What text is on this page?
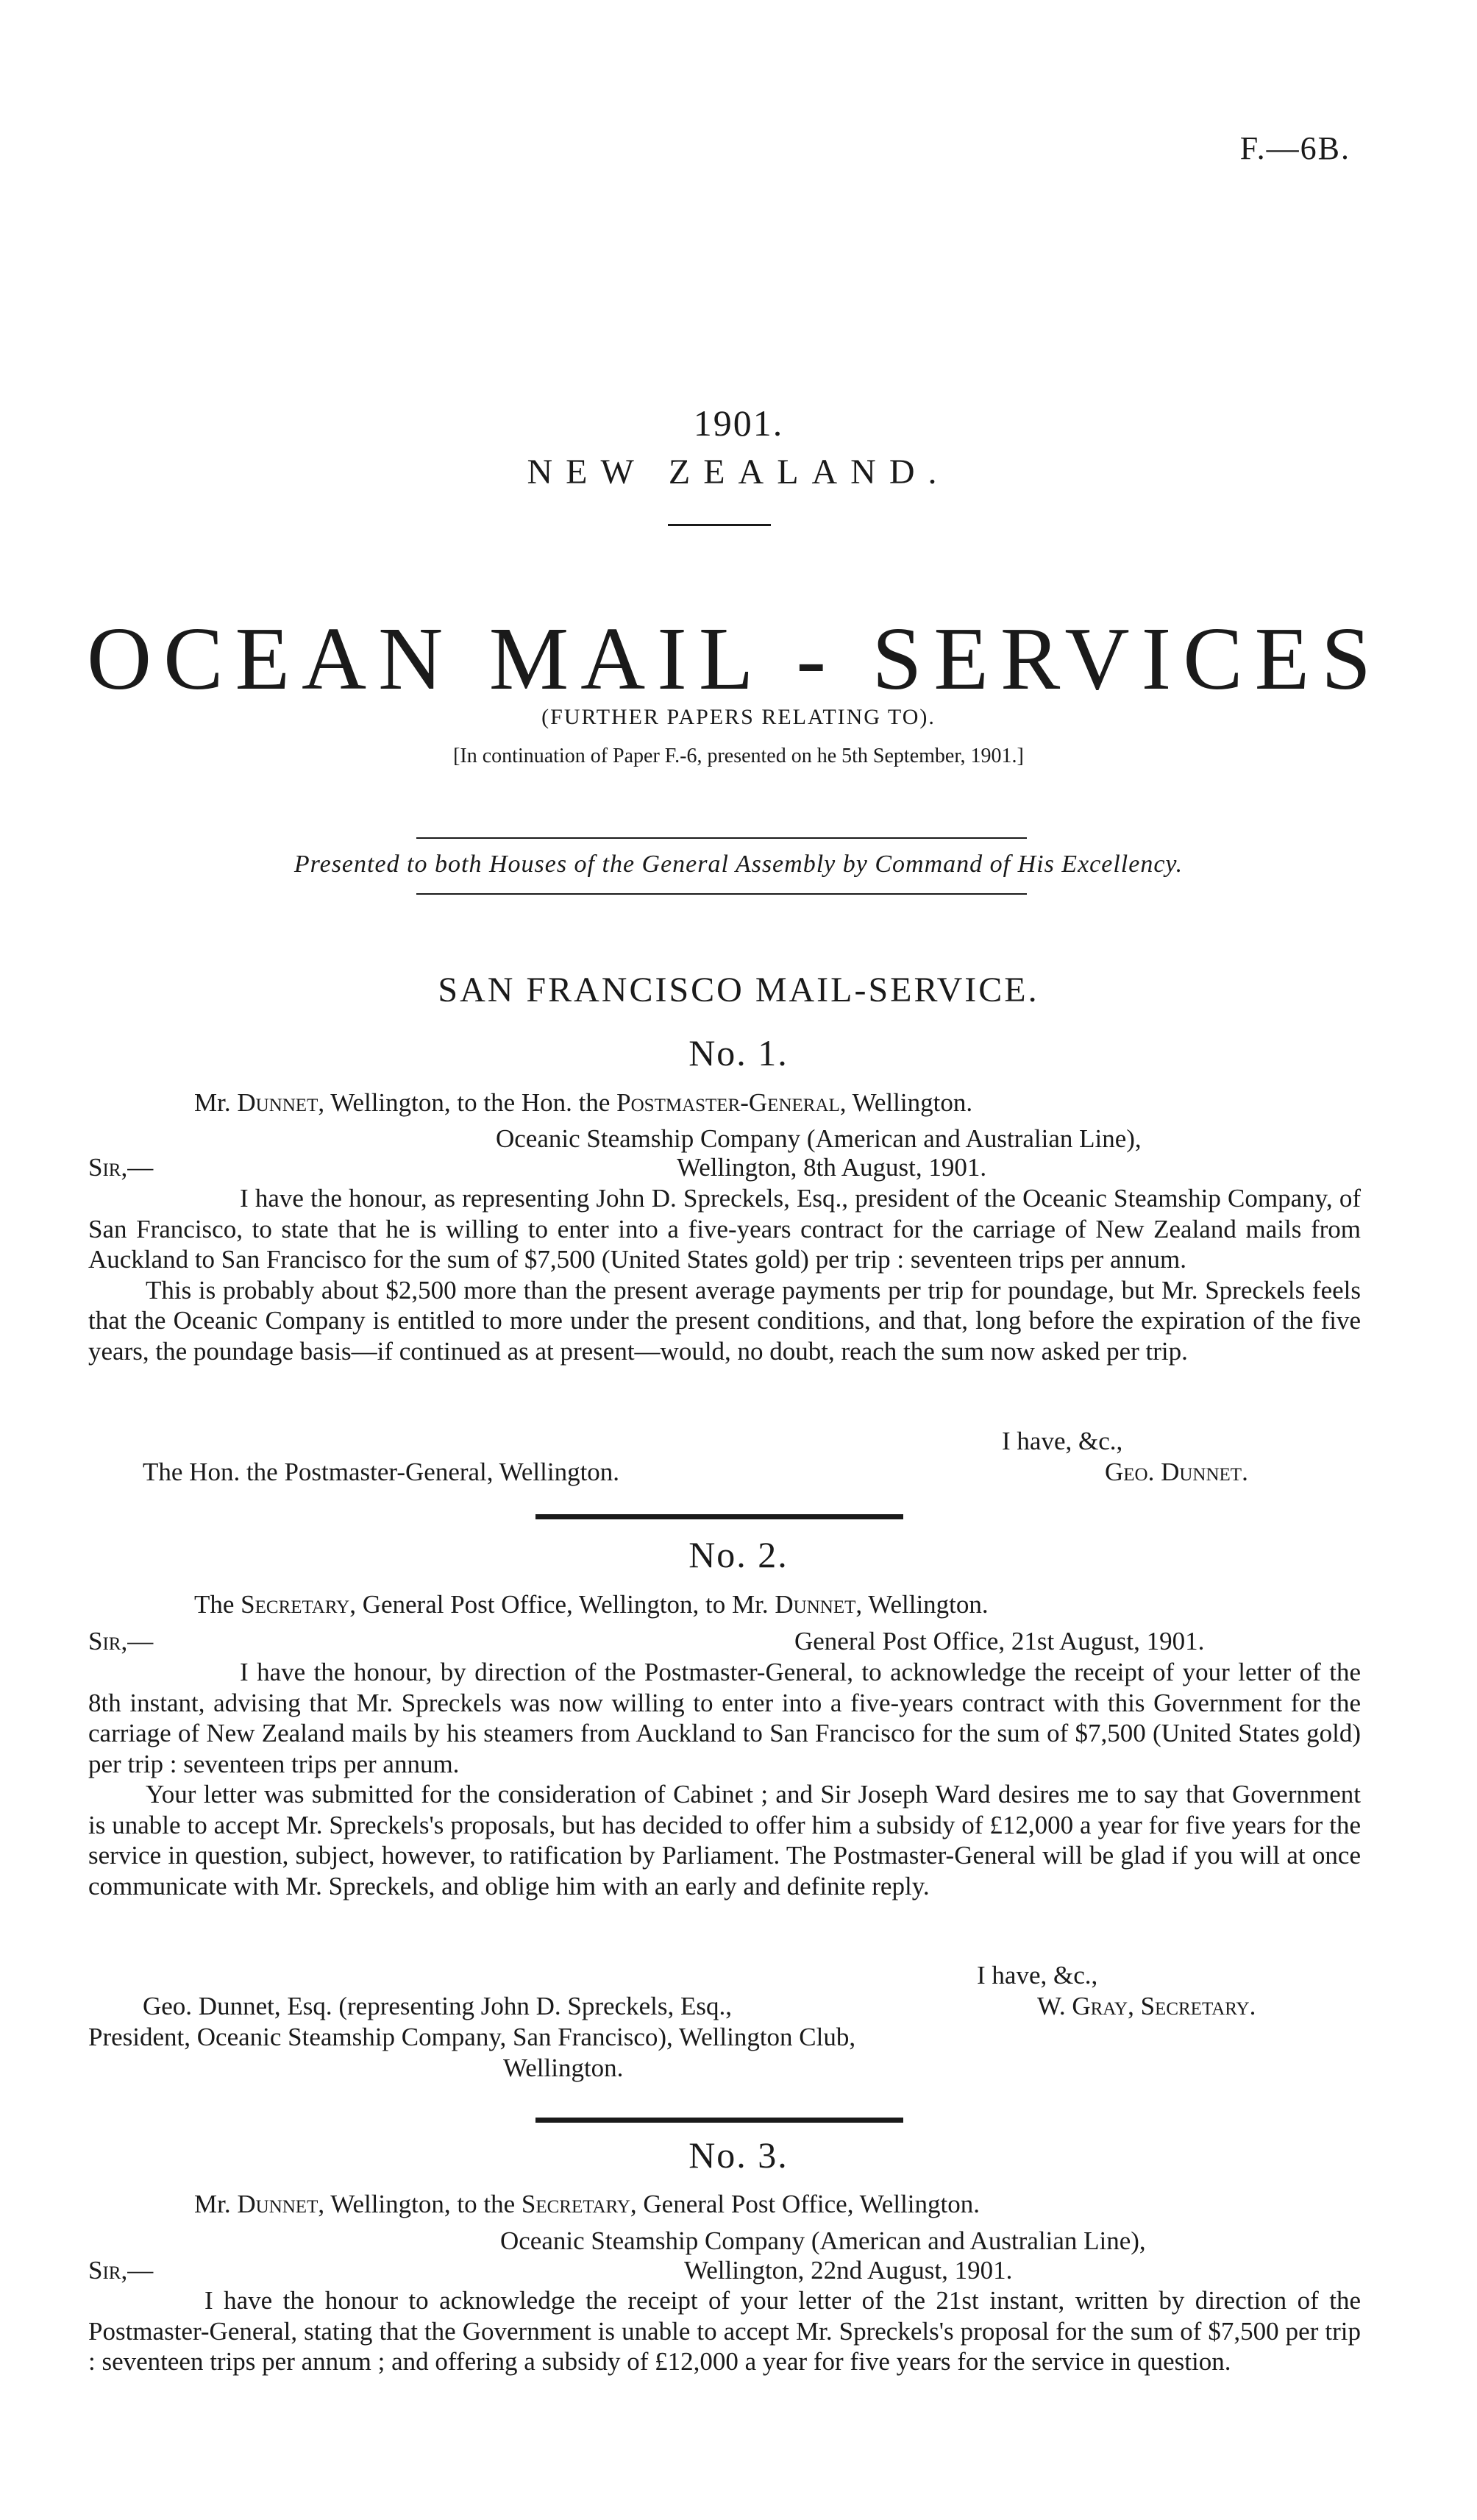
F.—6B.
1901.
NEW ZEALAND.
OCEAN MAIL - SERVICES
(FURTHER PAPERS RELATING TO).
[In continuation of Paper F.-6, presented on he 5th September, 1901.]
Presented to both Houses of the General Assembly by Command of His Excellency.
SAN FRANCISCO MAIL-SERVICE.
No. 1.
Mr. Dunnet, Wellington, to the Hon. the Postmaster-General, Wellington.
Oceanic Steamship Company (American and Australian Line),
Sir,—	Wellington, 8th August, 1901.

I have the honour, as representing John D. Spreckels, Esq., president of the Oceanic Steamship Company, of San Francisco, to state that he is willing to enter into a five-years contract for the carriage of New Zealand mails from Auckland to San Francisco for the sum of $7,500 (United States gold) per trip : seventeen trips per annum.

This is probably about $2,500 more than the present average payments per trip for poundage, but Mr. Spreckels feels that the Oceanic Company is entitled to more under the present conditions, and that, long before the expiration of the five years, the poundage basis—if continued as at present—would, no doubt, reach the sum now asked per trip.

I have, &c.,
The Hon. the Postmaster-General, Wellington.	Geo. Dunnet.
No. 2.
The Secretary, General Post Office, Wellington, to Mr. Dunnet, Wellington.
Sir,—	General Post Office, 21st August, 1901.

I have the honour, by direction of the Postmaster-General, to acknowledge the receipt of your letter of the 8th instant, advising that Mr. Spreckels was now willing to enter into a five-years contract with this Government for the carriage of New Zealand mails by his steamers from Auckland to San Francisco for the sum of $7,500 (United States gold) per trip : seventeen trips per annum.

Your letter was submitted for the consideration of Cabinet ; and Sir Joseph Ward desires me to say that Government is unable to accept Mr. Spreckels's proposals, but has decided to offer him a subsidy of £12,000 a year for five years for the service in question, subject, however, to ratification by Parliament. The Postmaster-General will be glad if you will at once communicate with Mr. Spreckels, and oblige him with an early and definite reply.

I have, &c.,
Geo. Dunnet, Esq. (representing John D. Spreckels, Esq.,	W. Gray, Secretary.
President, Oceanic Steamship Company, San Francisco), Wellington Club,
Wellington.
No. 3.
Mr. Dunnet, Wellington, to the Secretary, General Post Office, Wellington.
Oceanic Steamship Company (American and Australian Line),
Sir,—	Wellington, 22nd August, 1901.

I have the honour to acknowledge the receipt of your letter of the 21st instant, written by direction of the Postmaster-General, stating that the Government is unable to accept Mr. Spreckels's proposal for the sum of $7,500 per trip : seventeen trips per annum ; and offering a subsidy of £12,000 a year for five years for the service in question.
